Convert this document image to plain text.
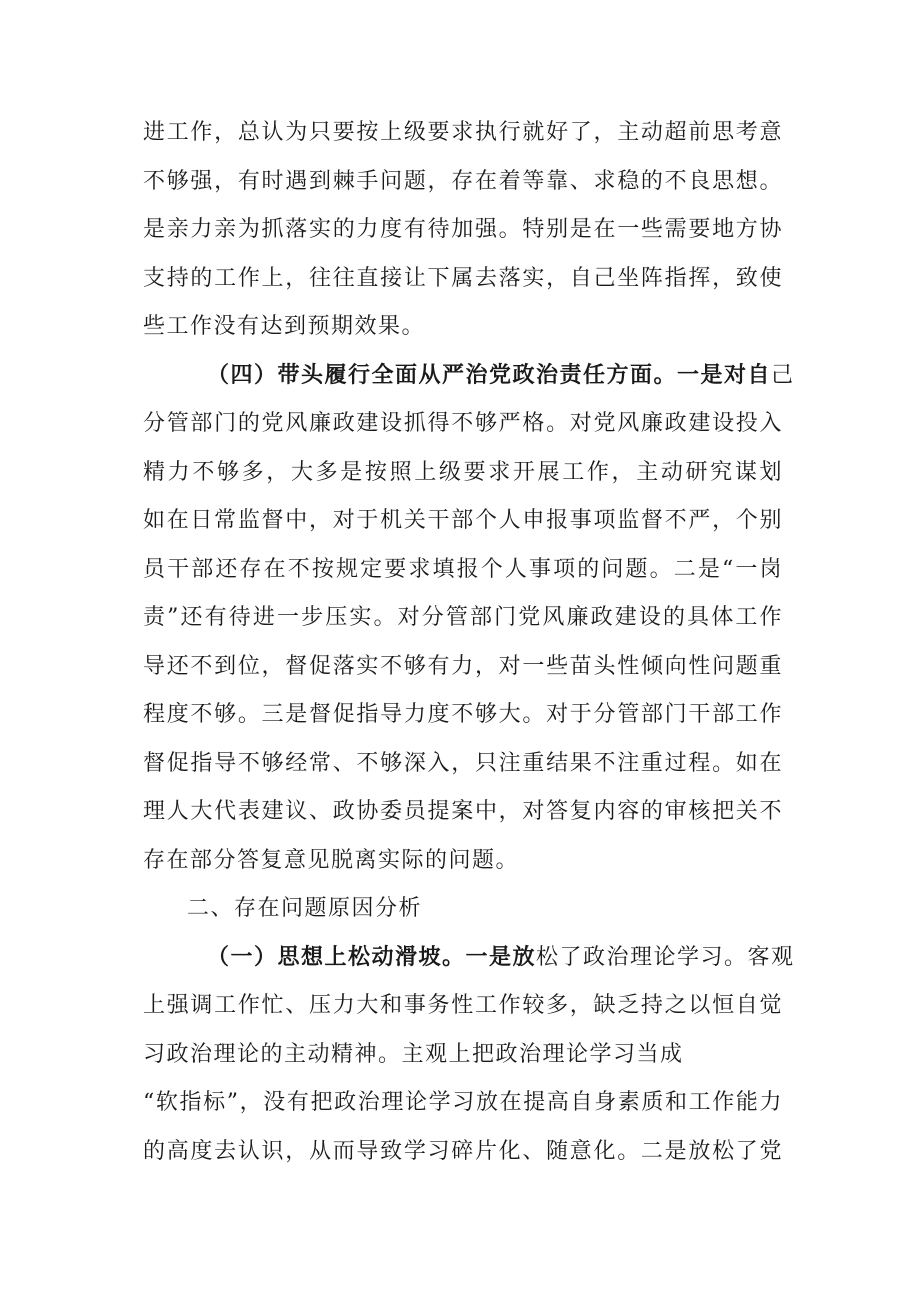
进工作，总认为只要按上级要求执行就好了，主动超前思考意
不够强，有时遇到棘手问题，存在着等靠、求稳的不良思想。
是亲力亲为抓落实的力度有待加强。特别是在一些需要地方协
支持的工作上，往往直接让下属去落实，自己坐阵指挥，致使
些工作没有达到预期效果。
（四）带头履行全面从严治党政治责任方面。一是对自己
分管部门的党风廉政建设抓得不够严格。对党风廉政建设投入
精力不够多，大多是按照上级要求开展工作，主动研究谋划
如在日常监督中，对于机关干部个人申报事项监督不严，个别
员干部还存在不按规定要求填报个人事项的问题。二是“一岗
责”还有待进一步压实。对分管部门党风廉政建设的具体工作
导还不到位，督促落实不够有力，对一些苗头性倾向性问题重
程度不够。三是督促指导力度不够大。对于分管部门干部工作
督促指导不够经常、不够深入，只注重结果不注重过程。如在
理人大代表建议、政协委员提案中，对答复内容的审核把关不
存在部分答复意见脱离实际的问题。
二、存在问题原因分析
（一）思想上松动滑坡。一是放松了政治理论学习。客观
上强调工作忙、压力大和事务性工作较多，缺乏持之以恒自觉
习政治理论的主动精神。主观上把政治理论学习当成
“软指标”，没有把政治理论学习放在提高自身素质和工作能力
的高度去认识，从而导致学习碎片化、随意化。二是放松了党
